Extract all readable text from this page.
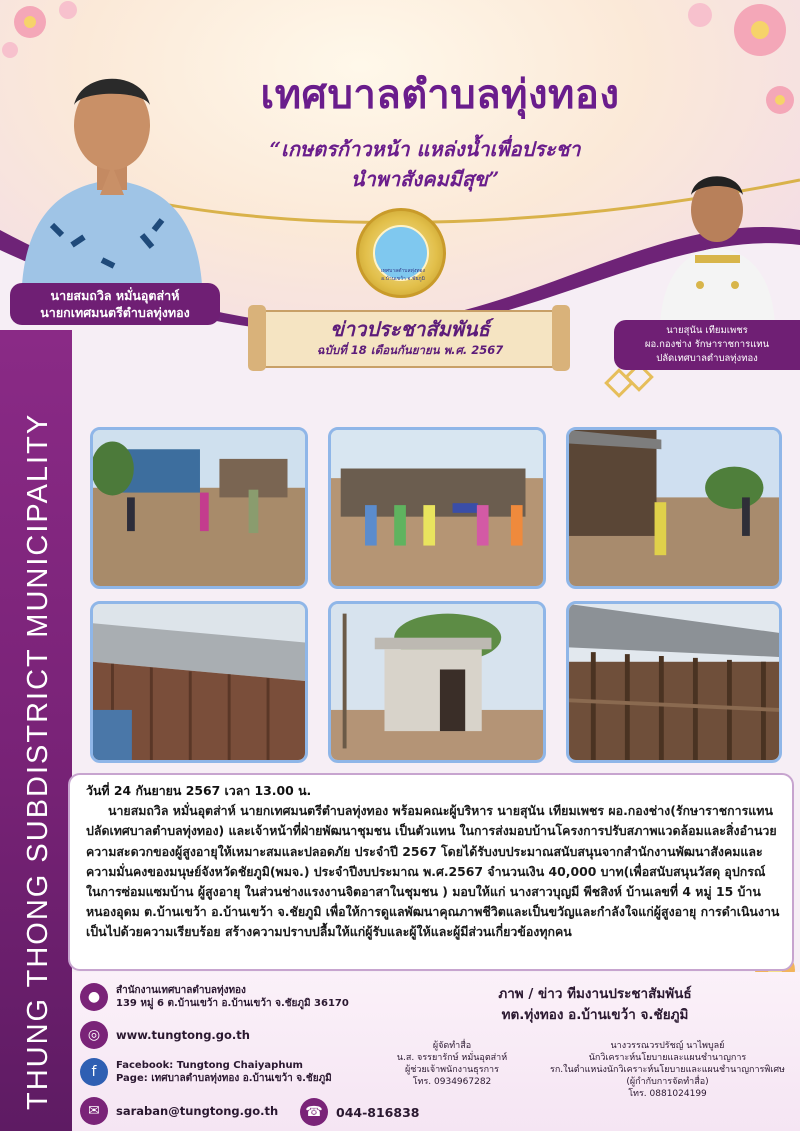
เทศบาลตำบลทุ่งทอง
“เกษตรก้าวหน้า แหล่งน้ำเพื่อประชา
นำพาสังคมมีสุข”
เทศบาลตำบลทุ่งทอง อ.บ้านเขว้า จ.ชัยภูมิ
นายสมถวิล หมั่นอุตส่าห์
นายกเทศมนตรีตำบลทุ่งทอง
นายสุนัน เทียมเพชร
ผอ.กองช่าง รักษาราชการแทน
ปลัดเทศบาลตำบลทุ่งทอง
ข่าวประชาสัมพันธ์
ฉบับที่ 18 เดือนกันยายน พ.ศ. 2567
THUNG THONG SUBDISTRICT MUNICIPALITY	วันที่ 24 กันยายน 2567 เวลา 13.00 น.

นายสมถวิล หมั่นอุตส่าห์ นายกเทศมนตรีตำบลทุ่งทอง พร้อมคณะผู้บริหาร นายสุนัน เทียมเพชร ผอ.กองช่าง(รักษาราชการแทนปลัดเทศบาลตำบลทุ่งทอง) และเจ้าหน้าที่ฝ่ายพัฒนาชุมชน เป็นตัวแทน ในการส่งมอบบ้านโครงการปรับสภาพแวดล้อมและสิ่งอำนวยความสะดวกของผู้สูงอายุให้เหมาะสมและปลอดภัย ประจำปี 2567 โดยได้รับงบประมาณสนับสนุนจากสำนักงานพัฒนาสังคมและความมั่นคงของมนุษย์จังหวัดชัยภูมิ(พมจ.) ประจำปีงบประมาณ พ.ศ.2567 จำนวนเงิน 40,000 บาท(เพื่อสนับสนุนวัสดุ อุปกรณ์ ในการซ่อมแซมบ้าน ผู้สูงอายุ ในส่วนช่างแรงงานจิตอาสาในชุมชน ) มอบให้แก่ นางสาวบุญมี พีชสิงห์ บ้านเลขที่ 4 หมู่ 15 บ้านหนองอุดม ต.บ้านเขว้า อ.บ้านเขว้า จ.ชัยภูมิ เพื่อให้การดูแลพัฒนาคุณภาพชีวิตและเป็นขวัญและกำลังใจแก่ผู้สูงอายุ การดำเนินงานเป็นไปด้วยความเรียบร้อย สร้างความปราบปลื้มให้แก่ผู้รับและผู้ให้และผู้มีส่วนเกี่ยวข้องทุกคน

●	สำนักงานเทศบาลตำบลทุ่งทอง
139 หมู่ 6 ต.บ้านเขว้า อ.บ้านเขว้า จ.ชัยภูมิ 36170
◎	www.tungtong.go.th
f	Facebook: Tungtong Chaiyaphum
Page: เทศบาลตำบลทุ่งทอง อ.บ้านเขว้า จ.ชัยภูมิ
✉	saraban@tungtong.go.th	☎	044-816838
ภาพ / ข่าว ทีมงานประชาสัมพันธ์
ทต.ทุ่งทอง อ.บ้านเขว้า จ.ชัยภูมิ
ผู้จัดทำสื่อ
น.ส. จรรยารักษ์ หมั่นอุตส่าห์
ผู้ช่วยเจ้าพนักงานธุรการ
โทร. 0934967282
นางวรรณวรปรัชญ์ นาไพบูลย์
นักวิเคราะห์นโยบายและแผนชำนาญการ
รก.ในตำแหน่งนักวิเคราะห์นโยบายและแผนชำนาญการพิเศษ
(ผู้กำกับการจัดทำสื่อ)
โทร. 0881024199
